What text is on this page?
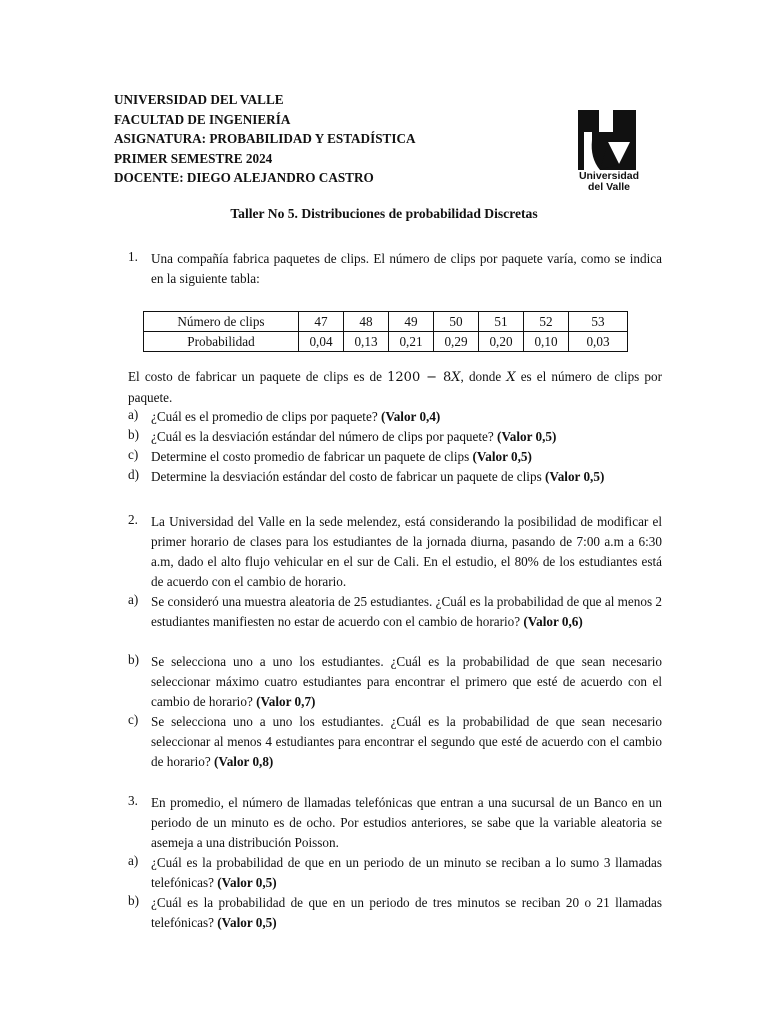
UNIVERSIDAD DEL VALLE
FACULTAD DE INGENIERÍA
ASIGNATURA: PROBABILIDAD Y ESTADÍSTICA
PRIMER SEMESTRE 2024
DOCENTE: DIEGO ALEJANDRO CASTRO	Universidad
del Valle
Taller No 5. Distribuciones de probabilidad Discretas
1. Una compañía fabrica paquetes de clips. El número de clips por paquete varía, como se indica en la siguiente tabla:
Número de clips	47	48	49	50	51	52	53
Probabilidad	0,04	0,13	0,21	0,29	0,20	0,10	0,03
El costo de fabricar un paquete de clips es de 1200 − 8X, donde X es el número de clips por paquete.
a) ¿Cuál es el promedio de clips por paquete? (Valor 0,4)
b) ¿Cuál es la desviación estándar del número de clips por paquete? (Valor 0,5)
c) Determine el costo promedio de fabricar un paquete de clips (Valor 0,5)
d) Determine la desviación estándar del costo de fabricar un paquete de clips (Valor 0,5)
2. La Universidad del Valle en la sede melendez, está considerando la posibilidad de modificar el primer horario de clases para los estudiantes de la jornada diurna, pasando de 7:00 a.m a 6:30 a.m, dado el alto flujo vehicular en el sur de Cali. En el estudio, el 80% de los estudiantes está de acuerdo con el cambio de horario.
a) Se consideró una muestra aleatoria de 25 estudiantes. ¿Cuál es la probabilidad de que al menos 2 estudiantes manifiesten no estar de acuerdo con el cambio de horario? (Valor 0,6)
b) Se selecciona uno a uno los estudiantes. ¿Cuál es la probabilidad de que sean necesario seleccionar máximo cuatro estudiantes para encontrar el primero que esté de acuerdo con el cambio de horario? (Valor 0,7)
c) Se selecciona uno a uno los estudiantes. ¿Cuál es la probabilidad de que sean necesario seleccionar al menos 4 estudiantes para encontrar el segundo que esté de acuerdo con el cambio de horario? (Valor 0,8)
3. En promedio, el número de llamadas telefónicas que entran a una sucursal de un Banco en un periodo de un minuto es de ocho. Por estudios anteriores, se sabe que la variable aleatoria se asemeja a una distribución Poisson.
a) ¿Cuál es la probabilidad de que en un periodo de un minuto se reciban a lo sumo 3 llamadas telefónicas? (Valor 0,5)
b) ¿Cuál es la probabilidad de que en un periodo de tres minutos se reciban 20 o 21 llamadas telefónicas? (Valor 0,5)
